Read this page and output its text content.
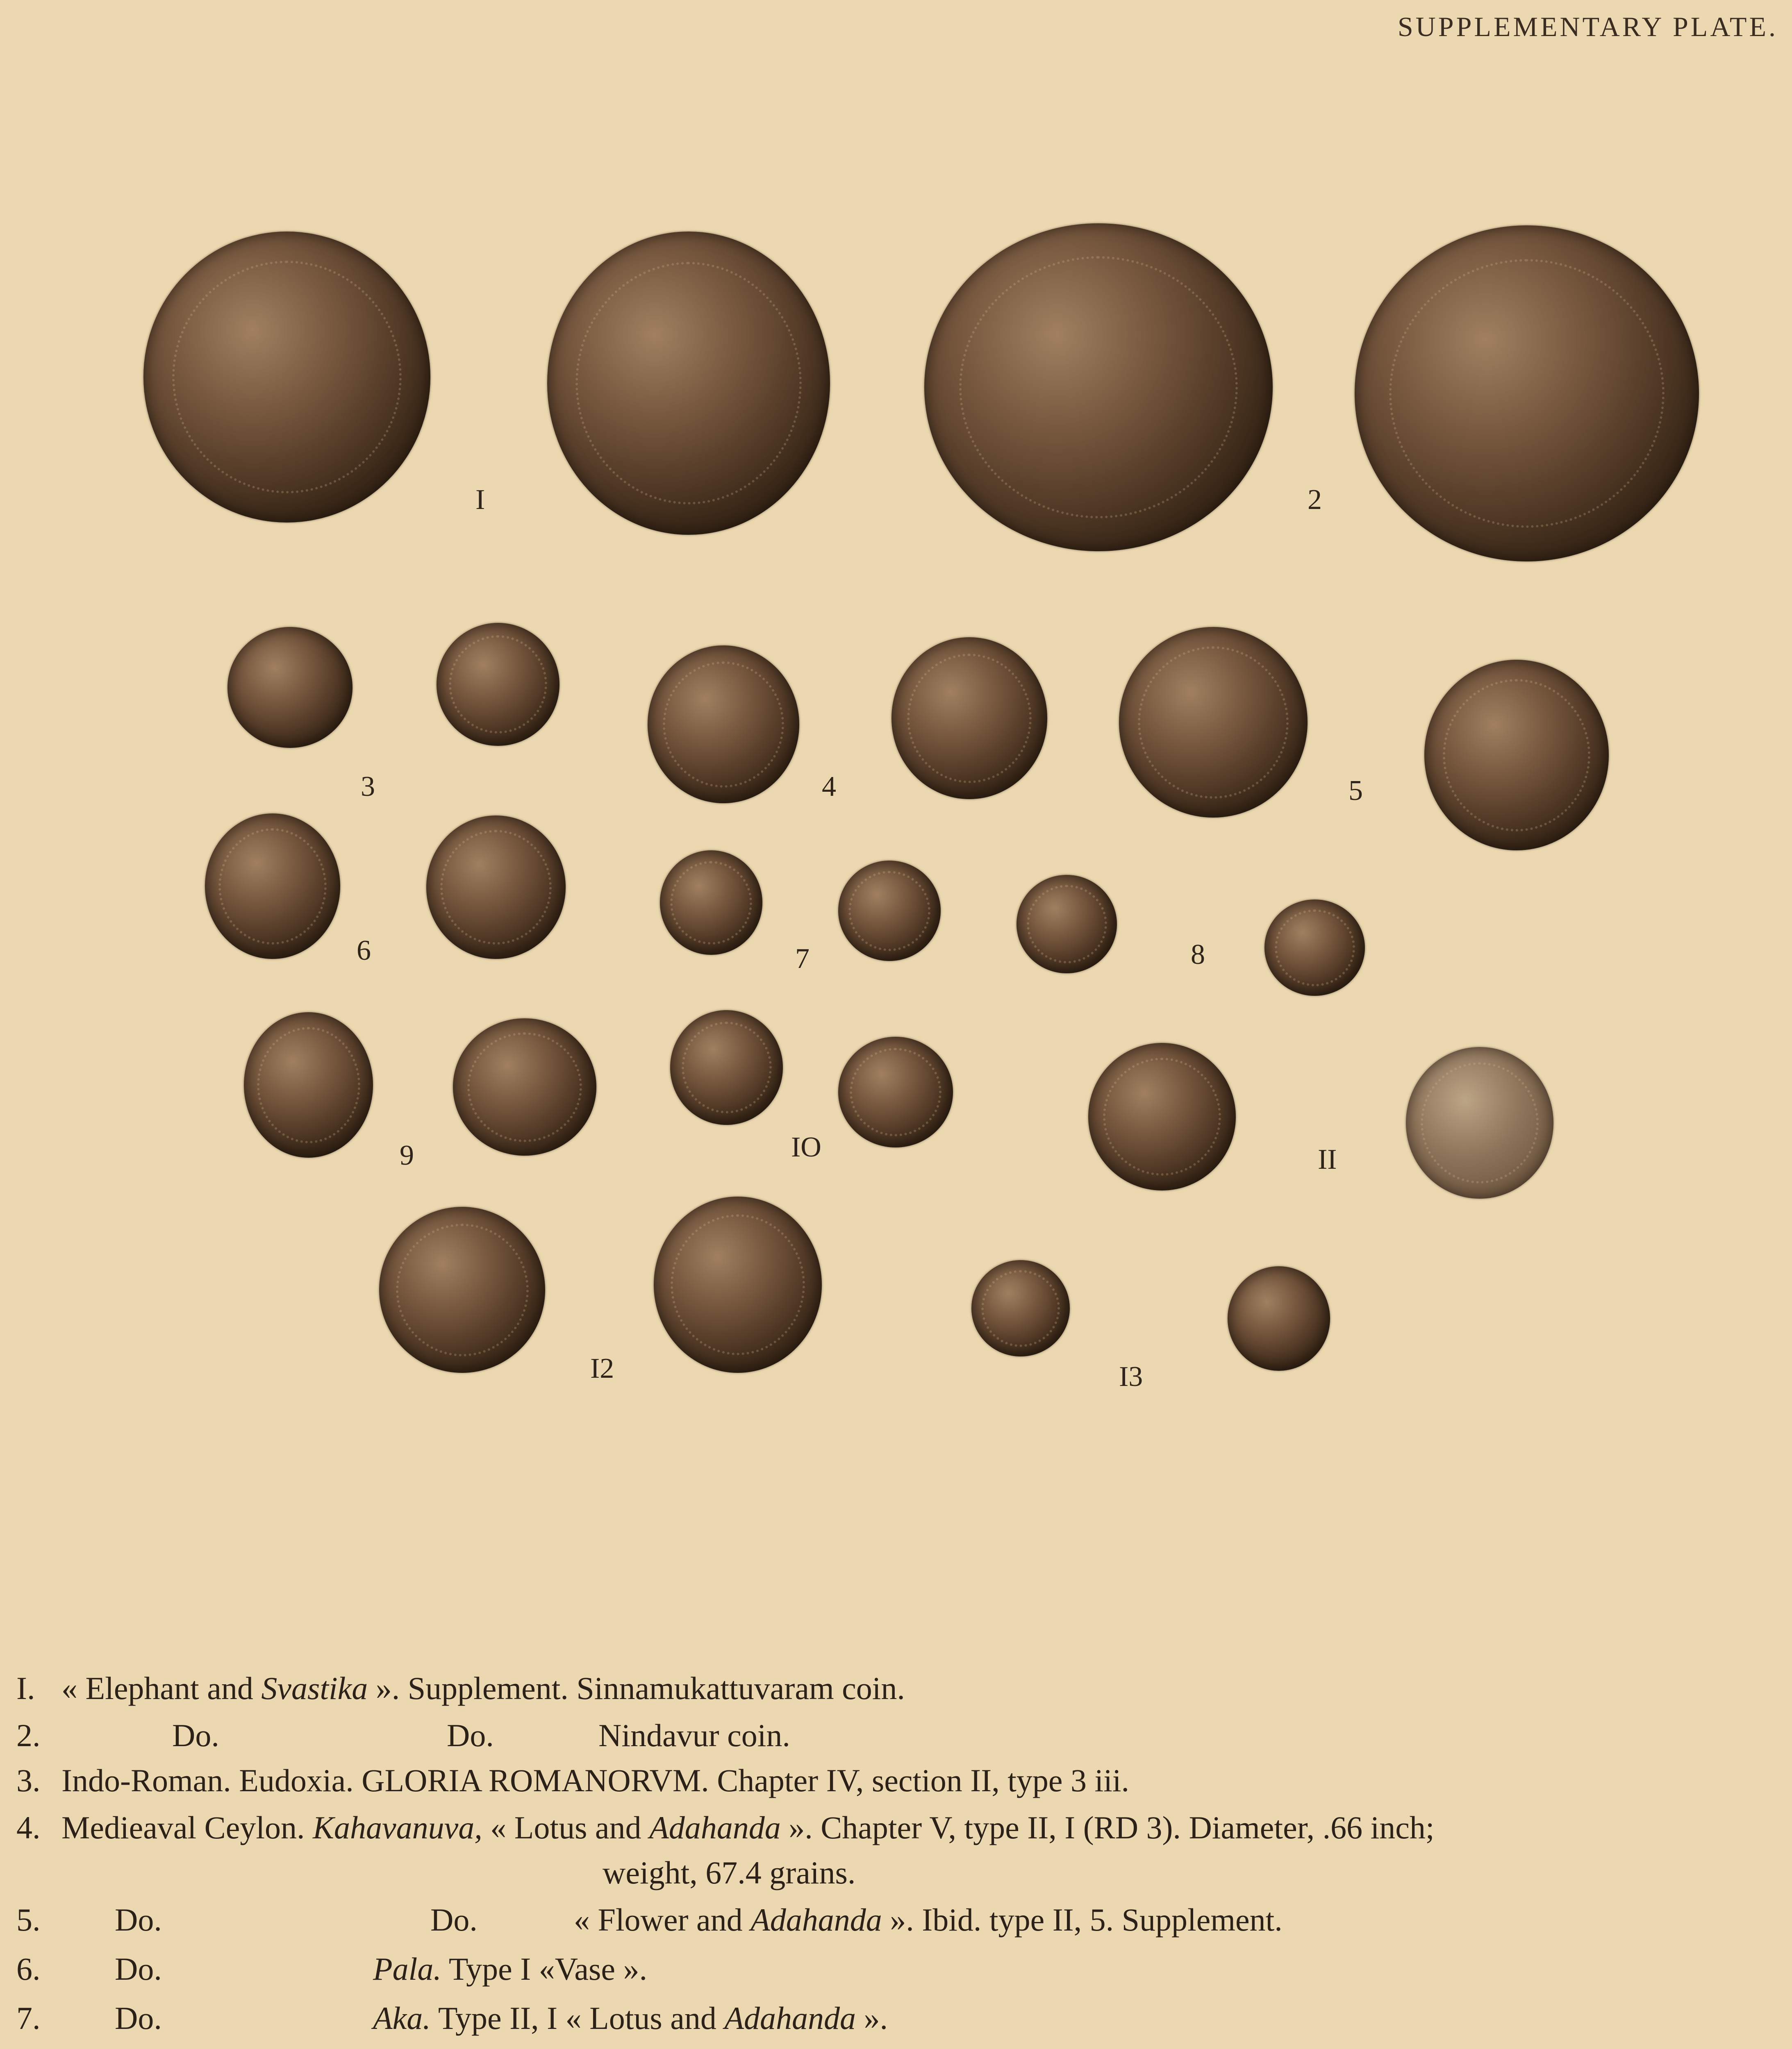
SUPPLEMENTARY PLATE.
I	2
3	4	5
6	7	8
9	IO	II
I2	I3
I. « Elephant and Svastika ». Supplement. Sinnamukattuvaram coin.
2.	Do.	Do.	Nindavur coin.
3. Indo-Roman. Eudoxia. GLORIA ROMANORVM. Chapter IV, section II, type 3 iii.
4. Medieaval Ceylon. Kahavanuva, « Lotus and Adahanda ». Chapter V, type II, I (RD 3). Diameter, .66 inch;
weight, 67.4 grains.
5. Do.	Do.	« Flower and Adahanda ». Ibid. type II, 5. Supplement.
6. Do.	Pala. Type I «Vase ».
7. Do.	Aka. Type II, I « Lotus and Adahanda ».
